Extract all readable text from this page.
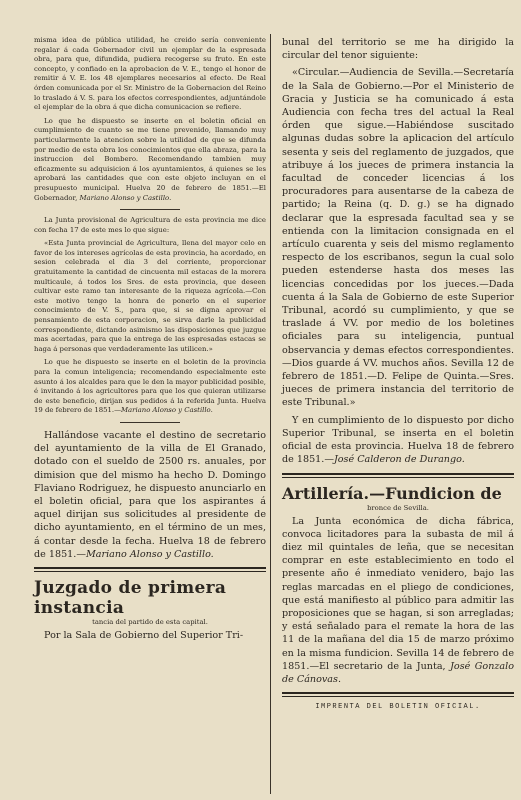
misma idea de pública utilidad, he creido sería conveniente regalar á cada Gobernador civil un ejemplar de la espresada obra, para que, difundida, pudiera recogerse su fruto. En este concepto, y confiado en la aprobacion de V. E., tengo el honor de remitir á V. E. los 48 ejemplares necesarios al efecto. De Real órden comunicada por el Sr. Ministro de la Gobernacion del Reino lo traslado á V. S. para los efectos correspondientes, adjuntándole el ejemplar de la obra á que dicha comunicacion se refiere.

Lo que he dispuesto se inserte en el boletin oficial en cumplimiento de cuanto se me tiene prevenido, llamando muy particularmente la atencion sobre la utilidad de que se difunda por medio de esta obra los conocimientos que ella abraza, para la instruccion del Bombero. Recomendando tambien muy eficazmente su adquisicion á los ayuntamientos, á quienes se les aprobará las cantidades que con este objeto incluyan en el presupuesto municipal. Huelva 20 de febrero de 1851.—El Gobernador, Mariano Alonso y Castillo.

La Junta provisional de Agricultura de esta provincia me dice con fecha 17 de este mes lo que sigue:

«Esta Junta provincial de Agricultura, llena del mayor celo en favor de los intereses agrícolas de esta provincia, ha acordado, en sesion celebrada el dia 3 del corriente, proporcionar gratuitamente la cantidad de cincuenta mil estacas de la morera multicaule, á todos los Sres. de esta provincia, que deseen cultivar este ramo tan interesante de la riqueza agrícola.—Con este motivo tengo la honra de ponerlo en el superior conocimiento de V. S., para que, si se digna aprovar el pensamiento de esta corporacion, se sirva darle la publicidad correspondiente, dictando asimismo las disposiciones que juzgue mas acertadas, para que la entrega de las espresadas estacas se haga á personas que verdaderamente las utilicen.»

Lo que he dispuesto se inserte en el boletin de la provincia para la comun inteligencia; recomendando especialmente este asunto á los alcaldes para que le den la mayor publicidad posible, é invitando á los agricultores para que los que quieran utilizarse de este beneficio, dirijan sus pedidos á la referida Junta. Huelva 19 de febrero de 1851.—Mariano Alonso y Castillo.

Hallándose vacante el destino de secretario del ayuntamiento de la villa de El Granado, dotado con el sueldo de 2500 rs. anuales, por dimision que del mismo ha hecho D. Domingo Flaviano Rodriguez, he dispuesto anunciarlo en el boletin oficial, para que los aspirantes á aquel dirijan sus solicitudes al presidente de dicho ayuntamiento, en el término de un mes, á contar desde la fecha. Huelva 18 de febrero de 1851.—Mariano Alonso y Castillo.

Juzgado de primera instancia
tancia del partido de esta capital.

Por la Sala de Gobierno del Superior Tri-

bunal del territorio se me ha dirigido la circular del tenor siguiente:

«Circular.—Audiencia de Sevilla.—Secretaría de la Sala de Gobierno.—Por el Ministerio de Gracia y Justicia se ha comunicado á esta Audiencia con fecha tres del actual la Real órden que sigue.—Habiéndose suscitado algunas dudas sobre la aplicacion del artículo sesenta y seis del reglamento de juzgados, que atribuye á los jueces de primera instancia la facultad de conceder licencias á los procuradores para ausentarse de la cabeza de partido; la Reina (q. D. g.) se ha dignado declarar que la espresada facultad sea y se entienda con la limitacion consignada en el artículo cuarenta y seis del mismo reglamento respecto de los escribanos, segun la cual solo pueden estenderse hasta dos meses las licencias concedidas por los jueces.—Dada cuenta á la Sala de Gobierno de este Superior Tribunal, acordó su cumplimiento, y que se traslade á VV. por medio de los boletines oficiales para su inteligencia, puntual observancia y demas efectos correspondientes.—Dios guarde á VV. muchos años. Sevilla 12 de febrero de 1851.—D. Felipe de Quinta.—Sres. jueces de primera instancia del territorio de este Tribunal.»

Y en cumplimiento de lo dispuesto por dicho Superior Tribunal, se inserta en el boletin oficial de esta provincia. Huelva 18 de febrero de 1851.—José Calderon de Durango.

Artillería.—Fundicion de
bronce de Sevilla.

La Junta económica de dicha fábrica, convoca licitadores para la subasta de mil á diez mil quintales de leña, que se necesitan comprar en este establecimiento en todo el presente año é inmediato venidero, bajo las reglas marcadas en el pliego de condiciones, que está manifiesto al público para admitir las proposiciones que se hagan, si son arregladas; y está señalado para el remate la hora de las 11 de la mañana del dia 15 de marzo próximo en la misma fundicion. Sevilla 14 de febrero de 1851.—El secretario de la Junta, José Gonzalo de Cánovas.

IMPRENTA DEL BOLETIN OFICIAL.
